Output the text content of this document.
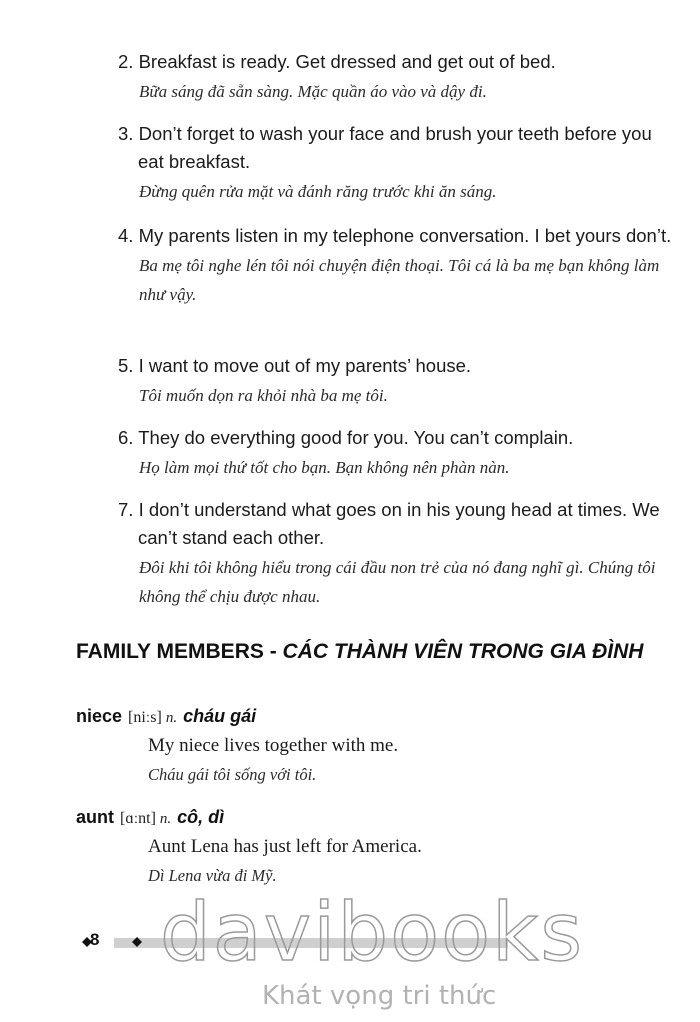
2. Breakfast is ready. Get dressed and get out of bed.
Bữa sáng đã sẵn sàng. Mặc quần áo vào và dậy đi.
3. Don’t forget to wash your face and brush your teeth before you eat breakfast.
Đừng quên rửa mặt và đánh răng trước khi ăn sáng.
4. My parents listen in my telephone conversation. I bet yours don’t.
Ba mẹ tôi nghe lén tôi nói chuyện điện thoại. Tôi cá là ba mẹ bạn không làm như vậy.
5. I want to move out of my parents’ house.
Tôi muốn dọn ra khỏi nhà ba mẹ tôi.
6. They do everything good for you. You can’t complain.
Họ làm mọi thứ tốt cho bạn. Bạn không nên phàn nàn.
7. I don’t understand what goes on in his young head at times. We can’t stand each other.
Đôi khi tôi không hiểu trong cái đầu non trẻ của nó đang nghĩ gì. Chúng tôi không thể chịu được nhau.
FAMILY MEMBERS - CÁC THÀNH VIÊN TRONG GIA ĐÌNH
niece [niːs] n. cháu gái
My niece lives together with me.
Cháu gái tôi sống với tôi.
aunt [ɑːnt] n. cô, dì
Aunt Lena has just left for America.
Dì Lena vừa đi Mỹ.
8 davibooks
Khát vọng tri thức
